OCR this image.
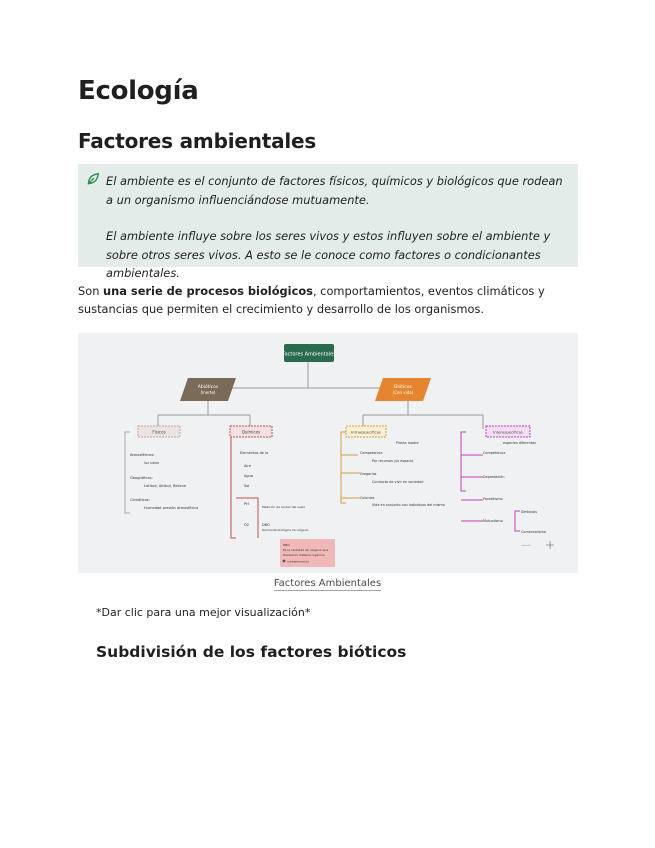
Ecología
Factores ambientales

El ambiente es el conjunto de factores físicos, químicos y biológicos que rodean a un organismo influenciándose mutuamente.

El ambiente influye sobre los seres vivos y estos influyen sobre el ambiente y sobre otros seres vivos. A esto se le conoce como factores o condicionantes ambientales.

Son una serie de procesos biológicos, comportamientos, eventos climáticos y sustancias que permiten el crecimiento y desarrollo de los organismos.

Factores Ambientales
Abióticos
(Inerte)
Bióticos
(Con vida)
Físicos	Químicos	Intraespecíficas	Interespecíficas
Atmosféricos:
luz calor
Geográficos:
Latitud, Altitud, Relieve
Climáticos:
Humedad presión atmosférica
Elementos de la
Aire
Agua
Sol
PH
Medición de acidez del suelo
O2	DBO
Demanda biológica de oxígeno
DBO
Es la cantidad de oxígeno que
Oxidación materia orgánica
contaminación
Planta madre
Competencia
Por recursos y/o espacio
Gregarias
Conducta de vivir en sociedad
Colonias
Vida en conjunto con individuos del mismo
especies diferentes
Competencia
Depredación
Parasitismo
Mutualismo
Simbiosis
Comensalismo
— +
Factores Ambientales

*Dar clic para una mejor visualización*

Subdivisión de los factores bióticos
